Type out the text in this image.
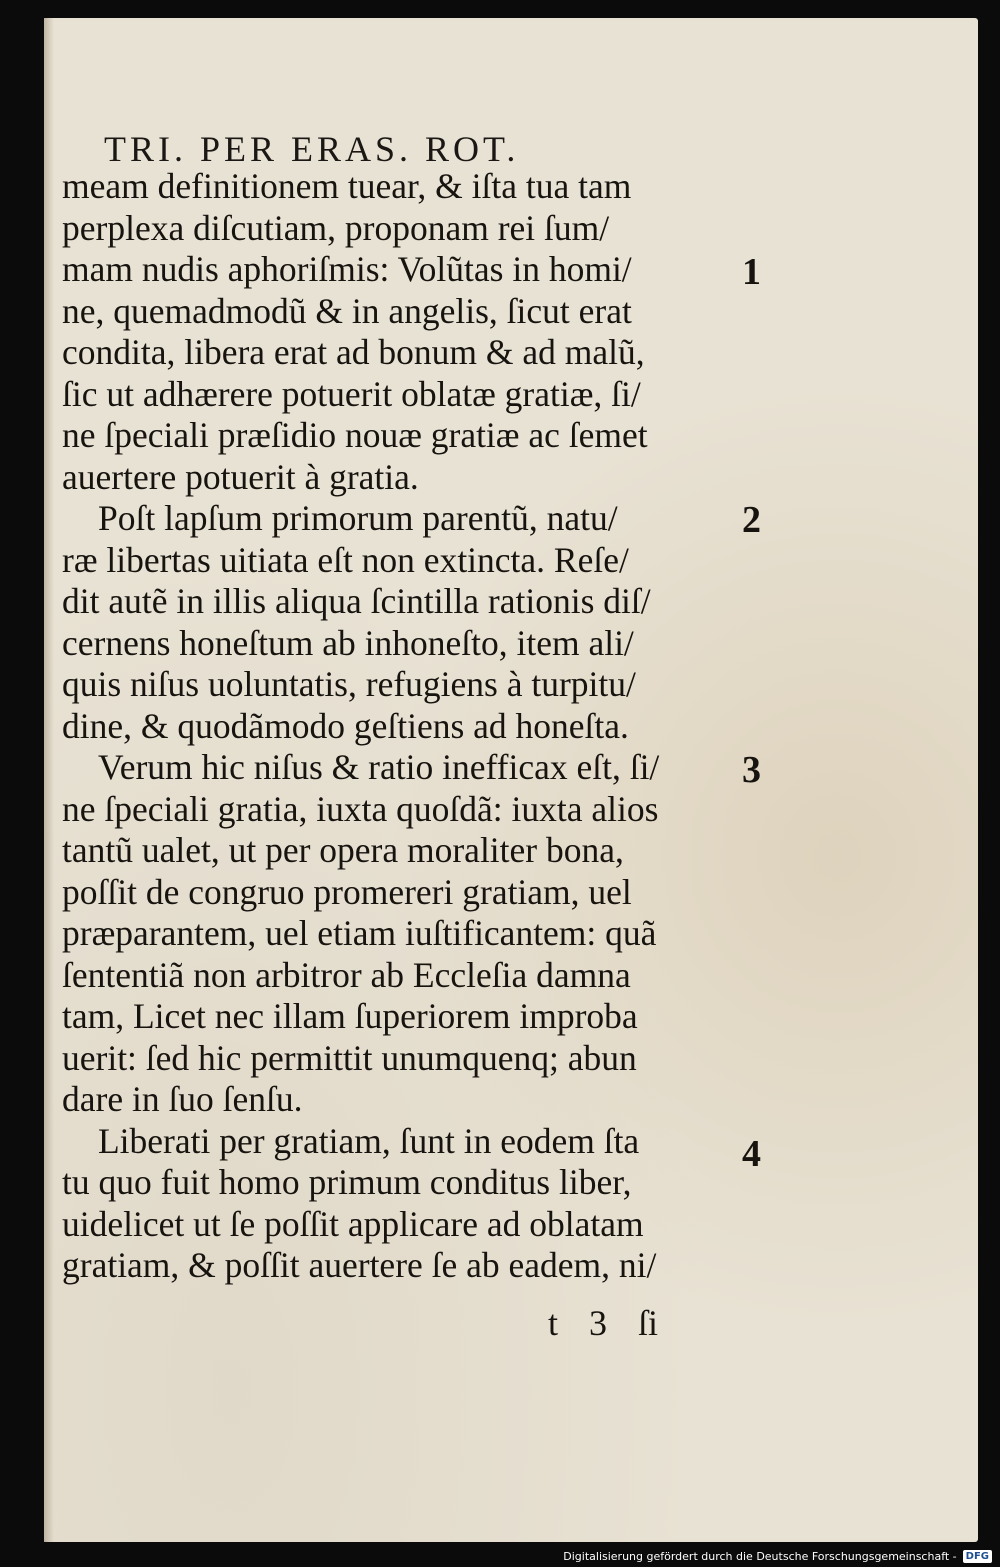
TRI. PER ERAS. ROT.
meam definitionem tuear, & iſta tua tam
perplexa diſcutiam, proponam rei ſum/
mam nudis aphoriſmis: Volũtas in homi/
ne, quemadmodũ & in angelis, ſicut erat
condita, libera erat ad bonum & ad malũ,
ſic ut adhærere potuerit oblatæ gratiæ, ſi/
ne ſpeciali præſidio nouæ gratiæ ac ſemet
auertere potuerit à gratia.
Poſt lapſum primorum parentũ, natu/
ræ libertas uitiata eſt non extincta. Reſe/
dit autẽ in illis aliqua ſcintilla rationis diſ/
cernens honeſtum ab inhoneſto, item ali/
quis niſus uoluntatis, refugiens à turpitu/
dine, & quodãmodo geſtiens ad honeſta.
Verum hic niſus & ratio inefficax eſt, ſi/
ne ſpeciali gratia, iuxta quoſdã: iuxta alios
tantũ ualet, ut per opera moraliter bona,
poſſit de congruo promereri gratiam, uel
præparantem, uel etiam iuſtificantem: quã
ſententiã non arbitror ab Eccleſia damna
tam, Licet nec illam ſuperiorem improba
uerit: ſed hic permittit unumquenq; abun
dare in ſuo ſenſu.
Liberati per gratiam, ſunt in eodem ſta
tu quo fuit homo primum conditus liber,
uidelicet ut ſe poſſit applicare ad oblatam
gratiam, & poſſit auertere ſe ab eadem, ni/
1
2
3
4
t 3 ſi
Digitalisierung gefördert durch die Deutsche Forschungsgemeinschaft - DFG
